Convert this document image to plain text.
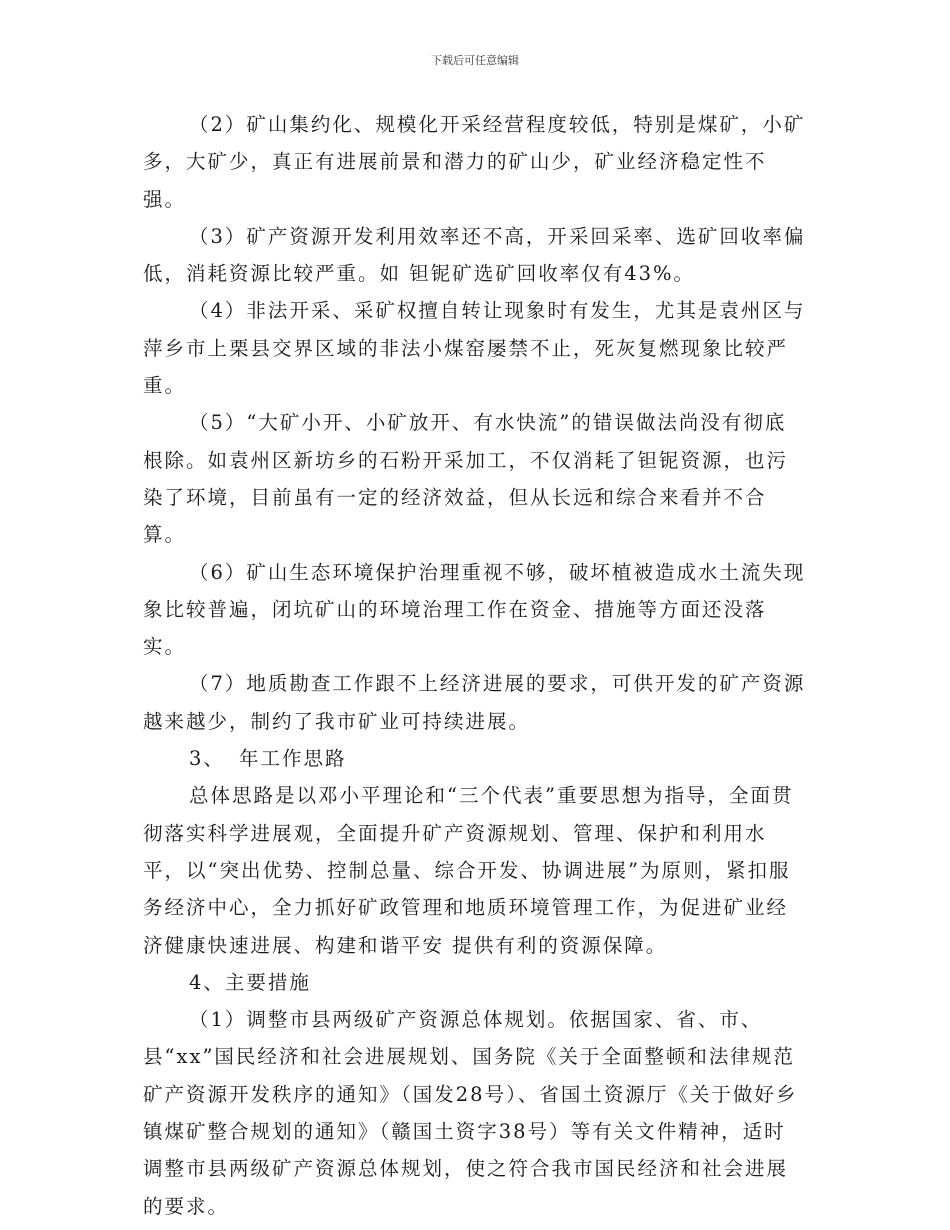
下载后可任意编辑

（2）矿山集约化、规模化开采经营程度较低，特别是煤矿，小矿多，大矿少，真正有进展前景和潜力的矿山少，矿业经济稳定性不强。

（3）矿产资源开发利用效率还不高，开采回采率、选矿回收率偏低，消耗资源比较严重。如 钽铌矿选矿回收率仅有43%。

（4）非法开采、采矿权擅自转让现象时有发生，尤其是袁州区与萍乡市上栗县交界区域的非法小煤窑屡禁不止，死灰复燃现象比较严重。

（5）“大矿小开、小矿放开、有水快流”的错误做法尚没有彻底根除。如袁州区新坊乡的石粉开采加工，不仅消耗了钽铌资源，也污染了环境，目前虽有一定的经济效益，但从长远和综合来看并不合算。

（6）矿山生态环境保护治理重视不够，破坏植被造成水土流失现象比较普遍，闭坑矿山的环境治理工作在资金、措施等方面还没落实。

（7）地质勘查工作跟不上经济进展的要求，可供开发的矿产资源越来越少，制约了我市矿业可持续进展。

3、 年工作思路

总体思路是以邓小平理论和“三个代表”重要思想为指导，全面贯彻落实科学进展观，全面提升矿产资源规划、管理、保护和利用水平，以“突出优势、控制总量、综合开发、协调进展”为原则，紧扣服务经济中心，全力抓好矿政管理和地质环境管理工作，为促进矿业经济健康快速进展、构建和谐平安 提供有利的资源保障。

4、主要措施

（1）调整市县两级矿产资源总体规划。依据国家、省、市、县“xx”国民经济和社会进展规划、国务院《关于全面整顿和法律规范矿产资源开发秩序的通知》（国发28号）、省国土资源厅《关于做好乡镇煤矿整合规划的通知》（赣国土资字38号）等有关文件精神，适时调整市县两级矿产资源总体规划，使之符合我市国民经济和社会进展的要求。
